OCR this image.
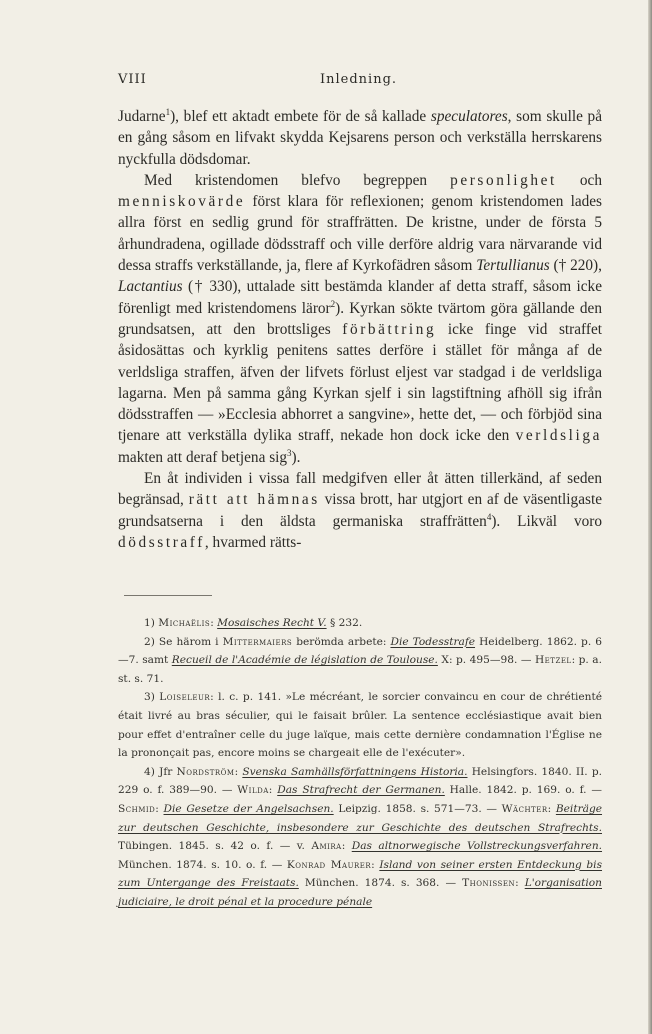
VIII	Inledning.

Judarne$^1$), blef ett aktadt embete för de så kallade speculatores, som skulle på en gång såsom en lifvakt skydda Kejsarens person och verkställa herrskarens nyckfulla dödsdomar.

Med kristendomen blefvo begreppen personlighet och menniskovärde först klara för reflexionen; genom kristendomen lades allra först en sedlig grund för straffrätten. De kristne, under de första 5 århundradena, ogillade dödsstraff och ville derföre aldrig vara närvarande vid dessa straffs verkställande, ja, flere af Kyrkofädren såsom Tertullianus († 220), Lactantius († 330), uttalade sitt bestämda klander af detta straff, såsom icke förenligt med kristendomens läror$^2$). Kyrkan sökte tvärtom göra gällande den grundsatsen, att den brottsliges förbättring icke finge vid straffet åsidosättas och kyrklig penitens sattes derföre i stället för många af de verldsliga straffen, äfven der lifvets förlust eljest var stadgad i de verldsliga lagarna. Men på samma gång Kyrkan sjelf i sin lagstiftning afhöll sig ifrån dödsstraffen — »Ecclesia abhorret a sangvine», hette det, — och förbjöd sina tjenare att verkställa dylika straff, nekade hon dock icke den verldsliga makten att deraf betjena sig$^3$).

En åt individen i vissa fall medgifven eller åt ätten tillerkänd, af seden begränsad, rätt att hämnas vissa brott, har utgjort en af de väsentligaste grundsatserna i den äldsta germaniska straffrätten$^4$). Likväl voro dödsstraff, hvarmed rätts-

1) Michaëlis: Mosaisches Recht V. § 232.

2) Se härom i Mittermaiers berömda arbete: Die Todesstrafe Heidelberg. 1862. p. 6—7. samt Recueil de l'Académie de législation de Toulouse. X: p. 495—98. — Hetzel: p. a. st. s. 71.

3) Loiseleur: l. c. p. 141. »Le mécréant, le sorcier convaincu en cour de chrétienté était livré au bras séculier, qui le faisait brûler. La sentence ecclésiastique avait bien pour effet d'entraîner celle du juge laïque, mais cette dernière condamnation l'Église ne la prononçait pas, encore moins se chargeait elle de l'exécuter».

4) Jfr Nordström: Svenska Samhällsförfattningens Historia. Helsingfors. 1840. II. p. 229 o. f. 389—90. — Wilda: Das Strafrecht der Germanen. Halle. 1842. p. 169. o. f. — Schmid: Die Gesetze der Angelsachsen. Leipzig. 1858. s. 571—73. — Wächter: Beiträge zur deutschen Geschichte, insbesondere zur Geschichte des deutschen Strafrechts. Tübingen. 1845. s. 42 o. f. — v. Amira: Das altnorwegische Vollstreckungsverfahren. München. 1874. s. 10. o. f. — Konrad Maurer: Island von seiner ersten Entdeckung bis zum Untergange des Freistaats. München. 1874. s. 368. — Thonissen: L'organisation judiciaire, le droit pénal et la procedure pénale
